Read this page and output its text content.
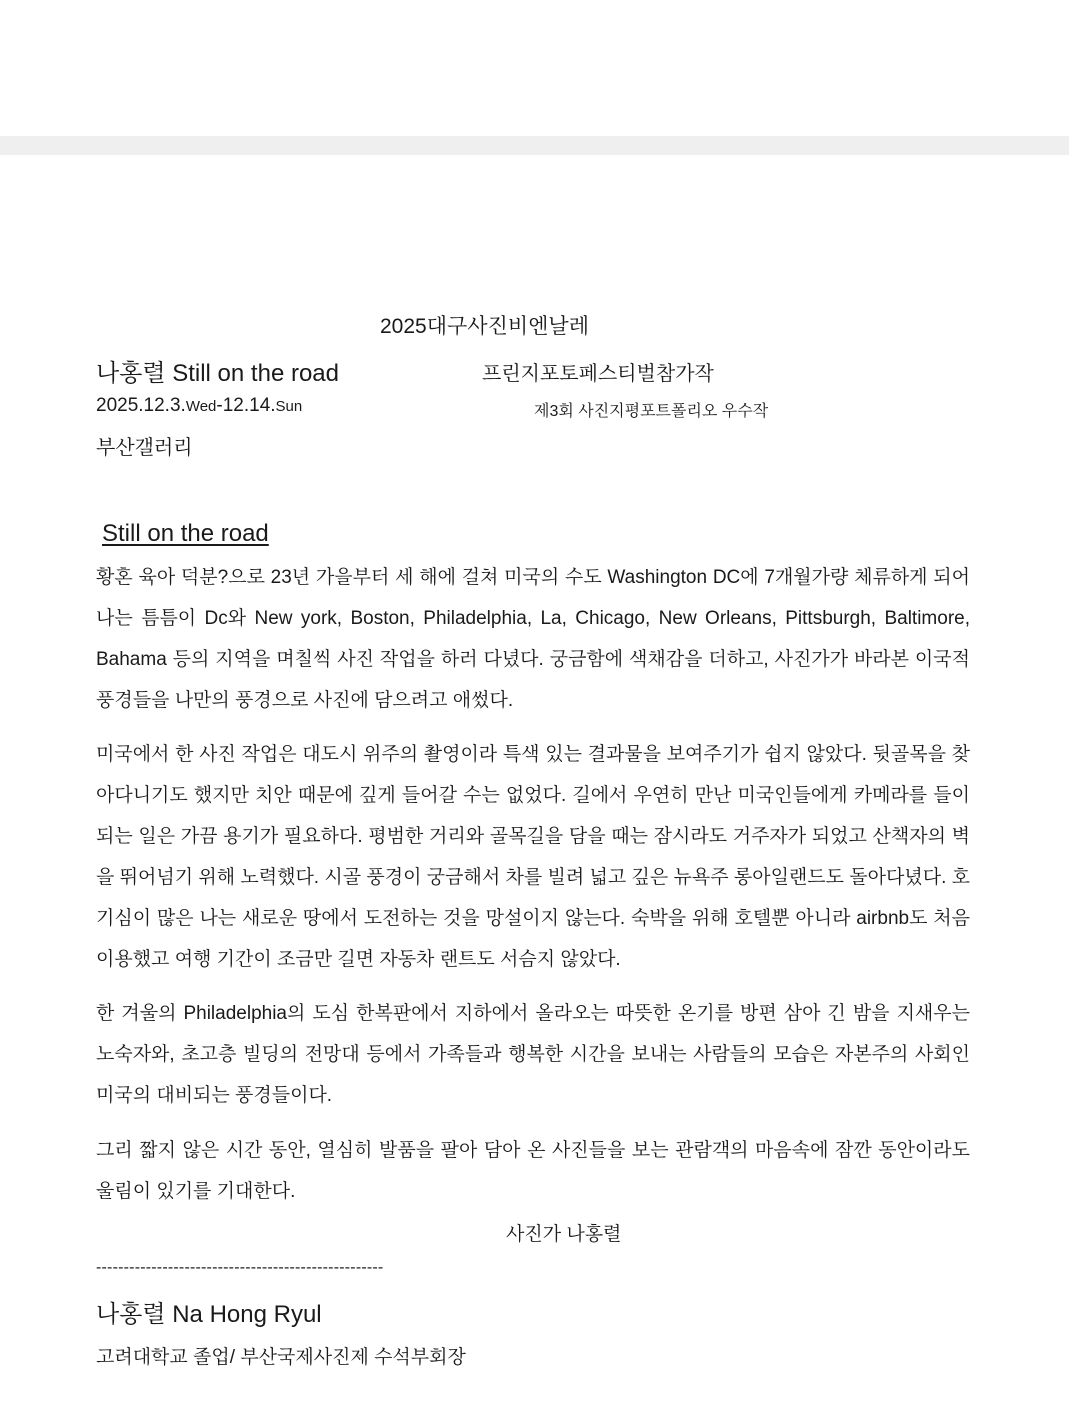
2025대구사진비엔날레
나홍렬 Still on the road	프린지포토페스티벌참가작
2025.12.3.Wed-12.14.Sun	제3회 사진지평포트폴리오 우수작
부산갤러리
Still on the road
황혼 육아 덕분?으로 23년 가을부터 세 해에 걸쳐 미국의 수도 Washington DC에 7개월가량 체류하게 되어 나는 틈틈이 Dc와 New york, Boston, Philadelphia, La, Chicago, New Orleans, Pittsburgh, Baltimore, Bahama 등의 지역을 며칠씩 사진 작업을 하러 다녔다. 궁금함에 색채감을 더하고, 사진가가 바라본 이국적 풍경들을 나만의 풍경으로 사진에 담으려고 애썼다.
미국에서 한 사진 작업은 대도시 위주의 촬영이라 특색 있는 결과물을 보여주기가 쉽지 않았다. 뒷골목을 찾아다니기도 했지만 치안 때문에 깊게 들어갈 수는 없었다. 길에서 우연히 만난 미국인들에게 카메라를 들이 되는 일은 가끔 용기가 필요하다. 평범한 거리와 골목길을 담을 때는 잠시라도 거주자가 되었고 산책자의 벽을 뛰어넘기 위해 노력했다. 시골 풍경이 궁금해서 차를 빌려 넓고 깊은 뉴욕주 롱아일랜드도 돌아다녔다. 호기심이 많은 나는 새로운 땅에서 도전하는 것을 망설이지 않는다. 숙박을 위해 호텔뿐 아니라 airbnb도 처음 이용했고 여행 기간이 조금만 길면 자동차 랜트도 서슴지 않았다.
한 겨울의 Philadelphia의 도심 한복판에서 지하에서 올라오는 따뜻한 온기를 방편 삼아 긴 밤을 지새우는 노숙자와, 초고층 빌딩의 전망대 등에서 가족들과 행복한 시간을 보내는 사람들의 모습은 자본주의 사회인 미국의 대비되는 풍경들이다.
그리 짧지 않은 시간 동안, 열심히 발품을 팔아 담아 온 사진들을 보는 관람객의 마음속에 잠깐 동안이라도 울림이 있기를 기대한다.
사진가 나홍렬
----------------------------------------------------
나홍렬 Na Hong Ryul
고려대학교 졸업/ 부산국제사진제 수석부회장
